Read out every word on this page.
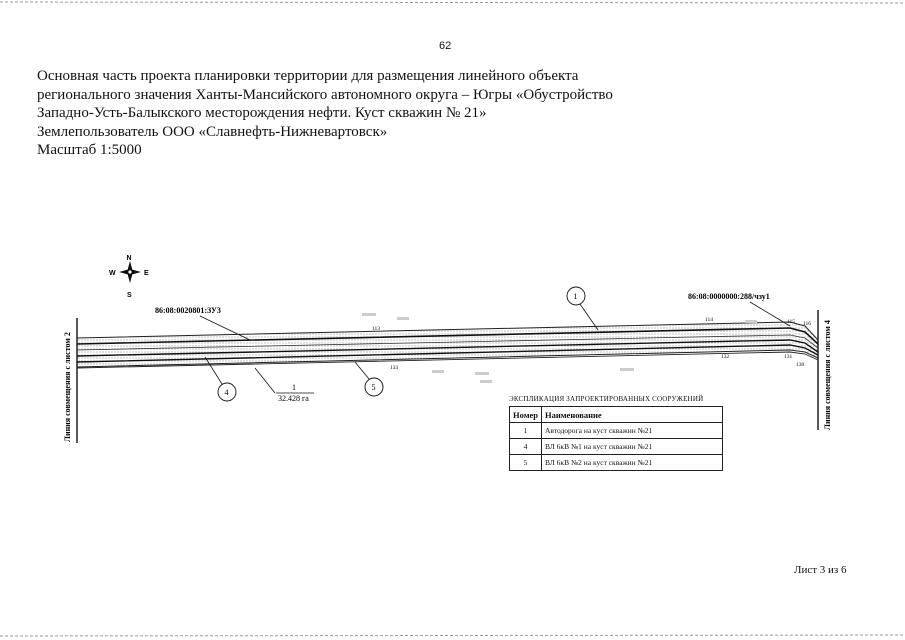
62
Основная часть проекта планировки территории для размещения линейного объекта
регионального значения Ханты-Мансийского автономного округа – Югры «Обустройство
Западно-Усть-Балыкского месторождения нефти. Куст скважин № 21»
Землепользователь ООО «Славнефть-Нижневартовск»
Масштаб 1:5000
N
S
W	E
Линия совмещения с листом 2	Линия совмещения с листом 4
86:08:0020801:ЗУ3
86:08:0000000:288/чзу1
113
114	115 116
133
132	131
130
1
32.428 га
1
4
5
ЭКСПЛИКАЦИЯ ЗАПРОЕКТИРОВАННЫХ СООРУЖЕНИЙ
Номер	Наименование
1	Автодорога на куст скважин №21
4	ВЛ 6кВ №1 на куст скважин №21
5	ВЛ 6кВ №2 на куст скважин №21
Лист 3 из 6
